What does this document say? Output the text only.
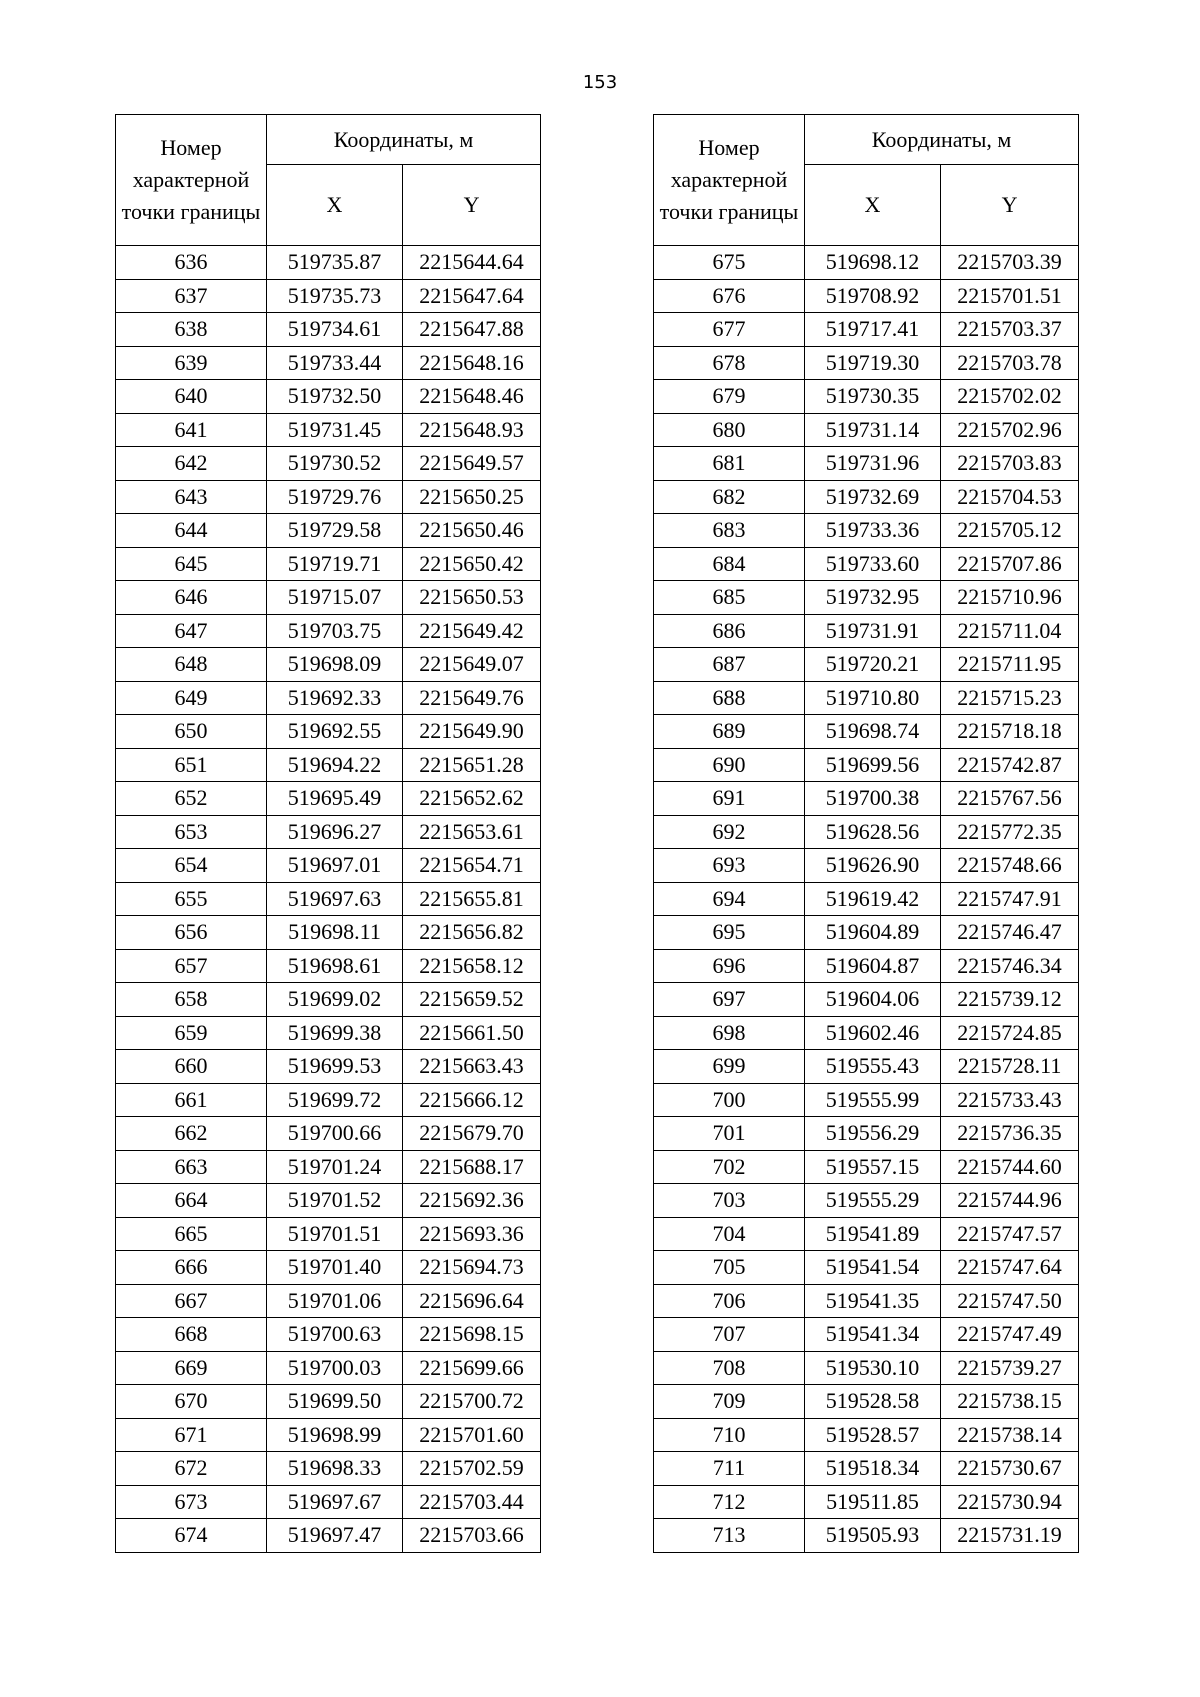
153
Номер характерной точки границы	Координаты, м	
	X	Y
636	519735.87	2215644.64
637	519735.73	2215647.64
638	519734.61	2215647.88
639	519733.44	2215648.16
640	519732.50	2215648.46
641	519731.45	2215648.93
642	519730.52	2215649.57
643	519729.76	2215650.25
644	519729.58	2215650.46
645	519719.71	2215650.42
646	519715.07	2215650.53
647	519703.75	2215649.42
648	519698.09	2215649.07
649	519692.33	2215649.76
650	519692.55	2215649.90
651	519694.22	2215651.28
652	519695.49	2215652.62
653	519696.27	2215653.61
654	519697.01	2215654.71
655	519697.63	2215655.81
656	519698.11	2215656.82
657	519698.61	2215658.12
658	519699.02	2215659.52
659	519699.38	2215661.50
660	519699.53	2215663.43
661	519699.72	2215666.12
662	519700.66	2215679.70
663	519701.24	2215688.17
664	519701.52	2215692.36
665	519701.51	2215693.36
666	519701.40	2215694.73
667	519701.06	2215696.64
668	519700.63	2215698.15
669	519700.03	2215699.66
670	519699.50	2215700.72
671	519698.99	2215701.60
672	519698.33	2215702.59
673	519697.67	2215703.44
674	519697.47	2215703.66
Номер характерной точки границы	Координаты, м	
	X	Y
675	519698.12	2215703.39
676	519708.92	2215701.51
677	519717.41	2215703.37
678	519719.30	2215703.78
679	519730.35	2215702.02
680	519731.14	2215702.96
681	519731.96	2215703.83
682	519732.69	2215704.53
683	519733.36	2215705.12
684	519733.60	2215707.86
685	519732.95	2215710.96
686	519731.91	2215711.04
687	519720.21	2215711.95
688	519710.80	2215715.23
689	519698.74	2215718.18
690	519699.56	2215742.87
691	519700.38	2215767.56
692	519628.56	2215772.35
693	519626.90	2215748.66
694	519619.42	2215747.91
695	519604.89	2215746.47
696	519604.87	2215746.34
697	519604.06	2215739.12
698	519602.46	2215724.85
699	519555.43	2215728.11
700	519555.99	2215733.43
701	519556.29	2215736.35
702	519557.15	2215744.60
703	519555.29	2215744.96
704	519541.89	2215747.57
705	519541.54	2215747.64
706	519541.35	2215747.50
707	519541.34	2215747.49
708	519530.10	2215739.27
709	519528.58	2215738.15
710	519528.57	2215738.14
711	519518.34	2215730.67
712	519511.85	2215730.94
713	519505.93	2215731.19
